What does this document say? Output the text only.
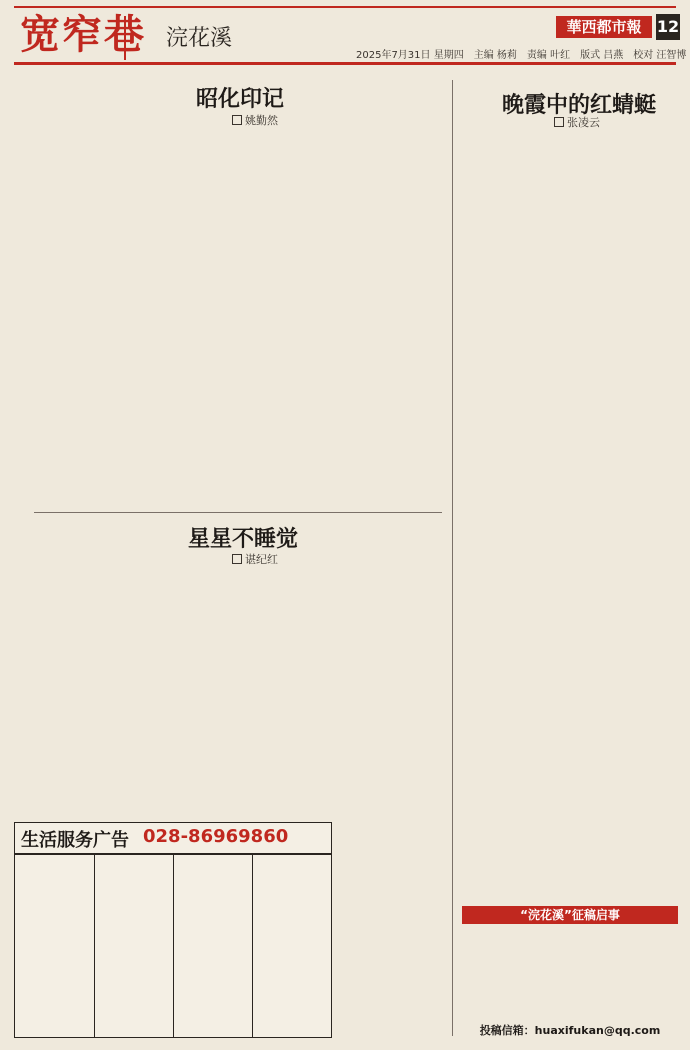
宽窄巷 浣花溪	華西都市報 12
2025年7月31日 星期四　主编 杨莉　责编 叶红　版式 吕燕　校对 汪智博
昭化印记
姚勤然
星星不睡觉
谌纪红
晚霞中的红蜻蜓
张凌云
生活服务广告 028-86969860
“浣花溪”征稿启事
投稿信箱：huaxifukan@qq.com
